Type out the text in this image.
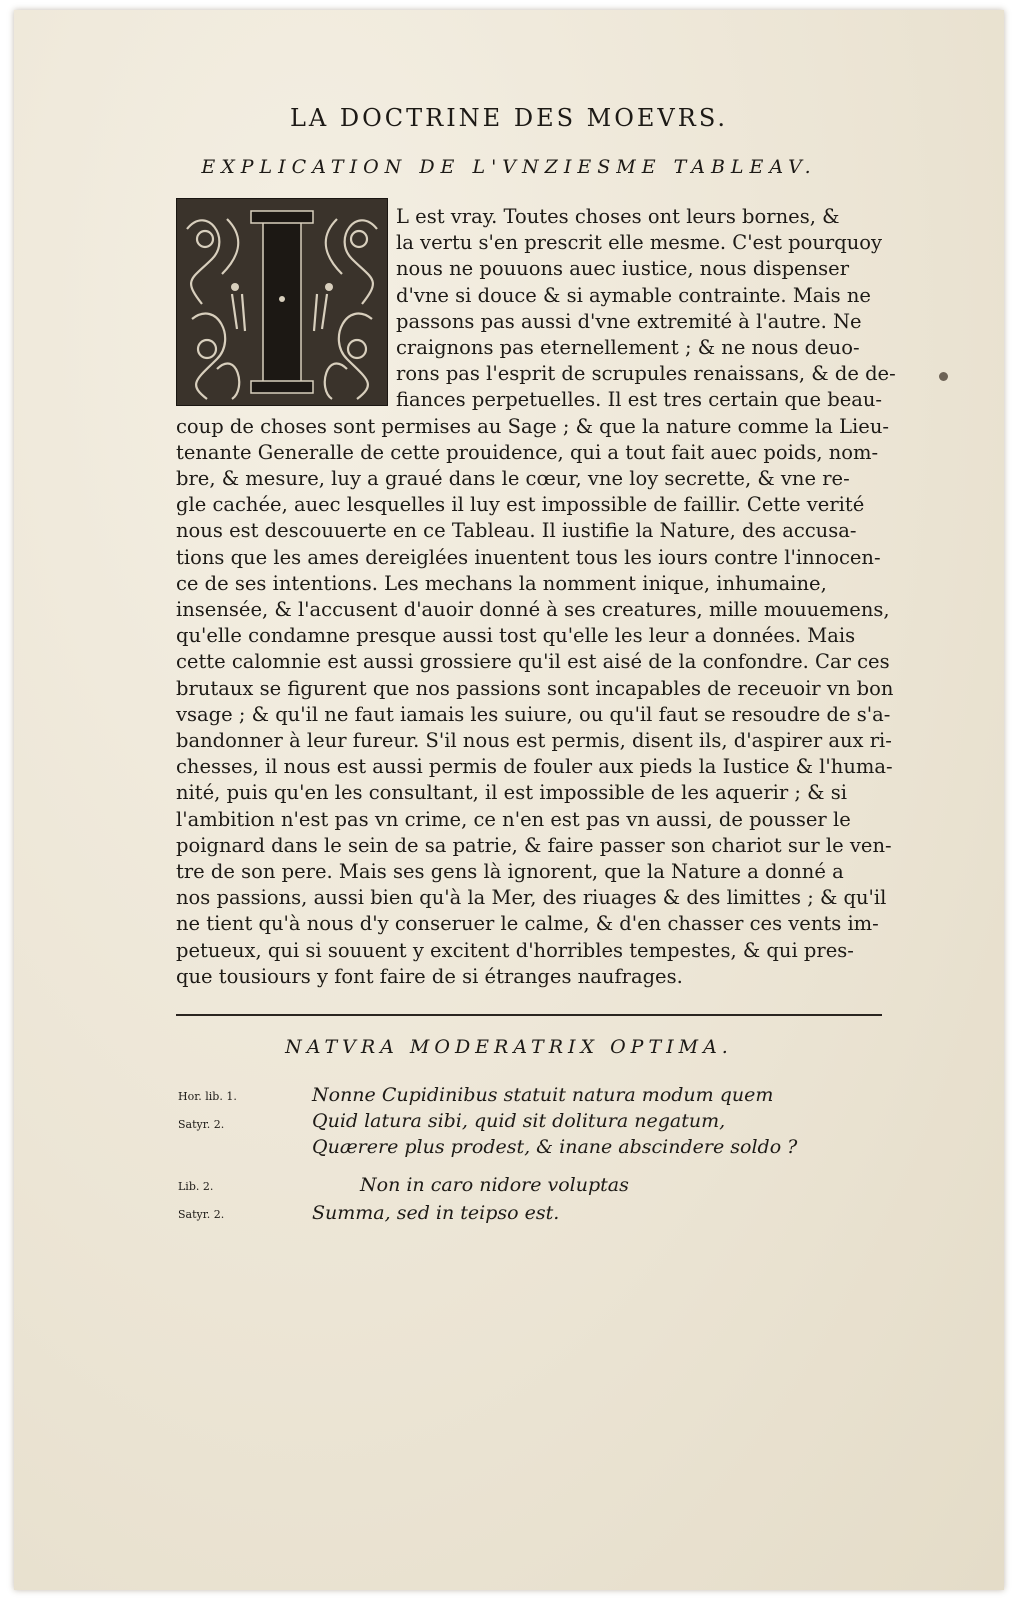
LA DOCTRINE DES MOEVRS.
EXPLICATION DE L'VNZIESME TABLEAV.
L est vray. Toutes choses ont leurs bornes, &
la vertu s'en prescrit elle mesme. C'est pourquoy
nous ne pouuons auec iustice, nous dispenser
d'vne si douce & si aymable contrainte. Mais ne
passons pas aussi d'vne extremité à l'autre. Ne
craignons pas eternellement ; & ne nous deuo-
rons pas l'esprit de scrupules renaissans, & de de-
fiances perpetuelles. Il est tres certain que beau-
coup de choses sont permises au Sage ; & que la nature comme la Lieu-
tenante Generalle de cette prouidence, qui a tout fait auec poids, nom-
bre, & mesure, luy a graué dans le cœur, vne loy secrette, & vne re-
gle cachée, auec lesquelles il luy est impossible de faillir. Cette verité
nous est descouuerte en ce Tableau. Il iustifie la Nature, des accusa-
tions que les ames dereiglées inuentent tous les iours contre l'innocen-
ce de ses intentions. Les mechans la nomment inique, inhumaine,
insensée, & l'accusent d'auoir donné à ses creatures, mille mouuemens,
qu'elle condamne presque aussi tost qu'elle les leur a données. Mais
cette calomnie est aussi grossiere qu'il est aisé de la confondre. Car ces
brutaux se figurent que nos passions sont incapables de receuoir vn bon
vsage ; & qu'il ne faut iamais les suiure, ou qu'il faut se resoudre de s'a-
bandonner à leur fureur. S'il nous est permis, disent ils, d'aspirer aux ri-
chesses, il nous est aussi permis de fouler aux pieds la Iustice & l'huma-
nité, puis qu'en les consultant, il est impossible de les aquerir ; & si
l'ambition n'est pas vn crime, ce n'en est pas vn aussi, de pousser le
poignard dans le sein de sa patrie, & faire passer son chariot sur le ven-
tre de son pere. Mais ses gens là ignorent, que la Nature a donné a
nos passions, aussi bien qu'à la Mer, des riuages & des limittes ; & qu'il
ne tient qu'à nous d'y conseruer le calme, & d'en chasser ces vents im-
petueux, qui si souuent y excitent d'horribles tempestes, & qui pres-
que tousiours y font faire de si étranges naufrages.
NATVRA MODERATRIX OPTIMA.
Hor. lib. 1.
Satyr. 2.
Nonne Cupidinibus statuit natura modum quem
Quid latura sibi, quid sit dolitura negatum,
Quærere plus prodest, & inane abscindere soldo ?
Lib. 2.
Satyr. 2.
Non in caro nidore voluptas
Summa, sed in teipso est.
